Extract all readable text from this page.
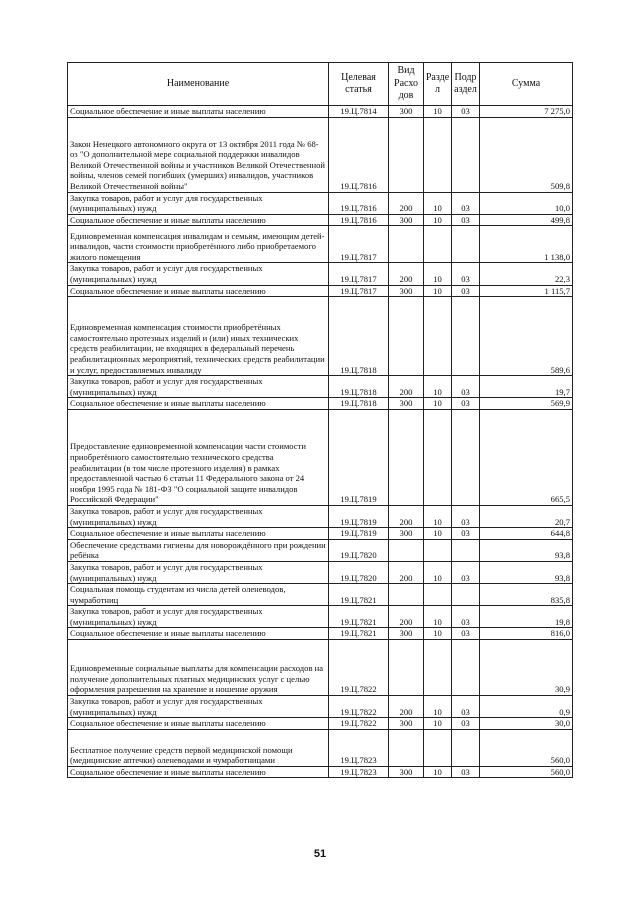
Наименование	Целевая статья	Вид Расхо дов	Разде л	Подр аздел	Сумма
Социальное обеспечение и иные выплаты населению	19.Ц.7814	300	10	03	7 275,0
Закон Ненецкого автономного округа от 13 октября 2011 года № 68-оз "О дополнительной мере социальной поддержки инвалидов Великой Отечественной войны и участников Великой Отечественной войны, членов семей погибших (умерших) инвалидов, участников Великой Отечественной войны"	19.Ц.7816				509,8
Закупка товаров, работ и услуг для государственных (муниципальных) нужд	19.Ц.7816	200	10	03	10,0
Социальное обеспечение и иные выплаты населению	19.Ц.7816	300	10	03	499,8
Единовременная компенсация инвалидам и семьям, имеющим детей-инвалидов, части стоимости приобретённого либо приобретаемого жилого помещения	19.Ц.7817				1 138,0
Закупка товаров, работ и услуг для государственных (муниципальных) нужд	19.Ц.7817	200	10	03	22,3
Социальное обеспечение и иные выплаты населению	19.Ц.7817	300	10	03	1 115,7
Единовременная компенсация стоимости приобретённых самостоятельно протезных изделий и (или) иных технических средств реабилитации, не входящих в федеральный перечень реабилитационных мероприятий, технических средств реабилитации и услуг, предоставляемых инвалиду	19.Ц.7818				589,6
Закупка товаров, работ и услуг для государственных (муниципальных) нужд	19.Ц.7818	200	10	03	19,7
Социальное обеспечение и иные выплаты населению	19.Ц.7818	300	10	03	569,9
Предоставление единовременной компенсации части стоимости приобретённого самостоятельно технического средства реабилитации (в том числе протезного изделия) в рамках предоставленной частью 6 статьи 11 Федерального закона от 24 ноября 1995 года № 181-ФЗ "О социальной защите инвалидов Российской Федерации"	19.Ц.7819				665,5
Закупка товаров, работ и услуг для государственных (муниципальных) нужд	19.Ц.7819	200	10	03	20,7
Социальное обеспечение и иные выплаты населению	19.Ц.7819	300	10	03	644,8
Обеспечение средствами гигиены для новорождённого при рождении ребёнка	19.Ц.7820				93,8
Закупка товаров, работ и услуг для государственных (муниципальных) нужд	19.Ц.7820	200	10	03	93,8
Социальная помощь студентам из числа детей оленеводов, чумработниц	19.Ц.7821				835,8
Закупка товаров, работ и услуг для государственных (муниципальных) нужд	19.Ц.7821	200	10	03	19,8
Социальное обеспечение и иные выплаты населению	19.Ц.7821	300	10	03	816,0
Единовременные социальные выплаты для компенсации расходов на получение дополнительных платных медицинских услуг с целью оформления разрешения на хранение и ношение оружия	19.Ц.7822				30,9
Закупка товаров, работ и услуг для государственных (муниципальных) нужд	19.Ц.7822	200	10	03	0,9
Социальное обеспечение и иные выплаты населению	19.Ц.7822	300	10	03	30,0
Бесплатное получение средств первой медицинской помощи (медицинские аптечки) оленеводами и чумработницами	19.Ц.7823				560,0
Социальное обеспечение и иные выплаты населению	19.Ц.7823	300	10	03	560,0
51
